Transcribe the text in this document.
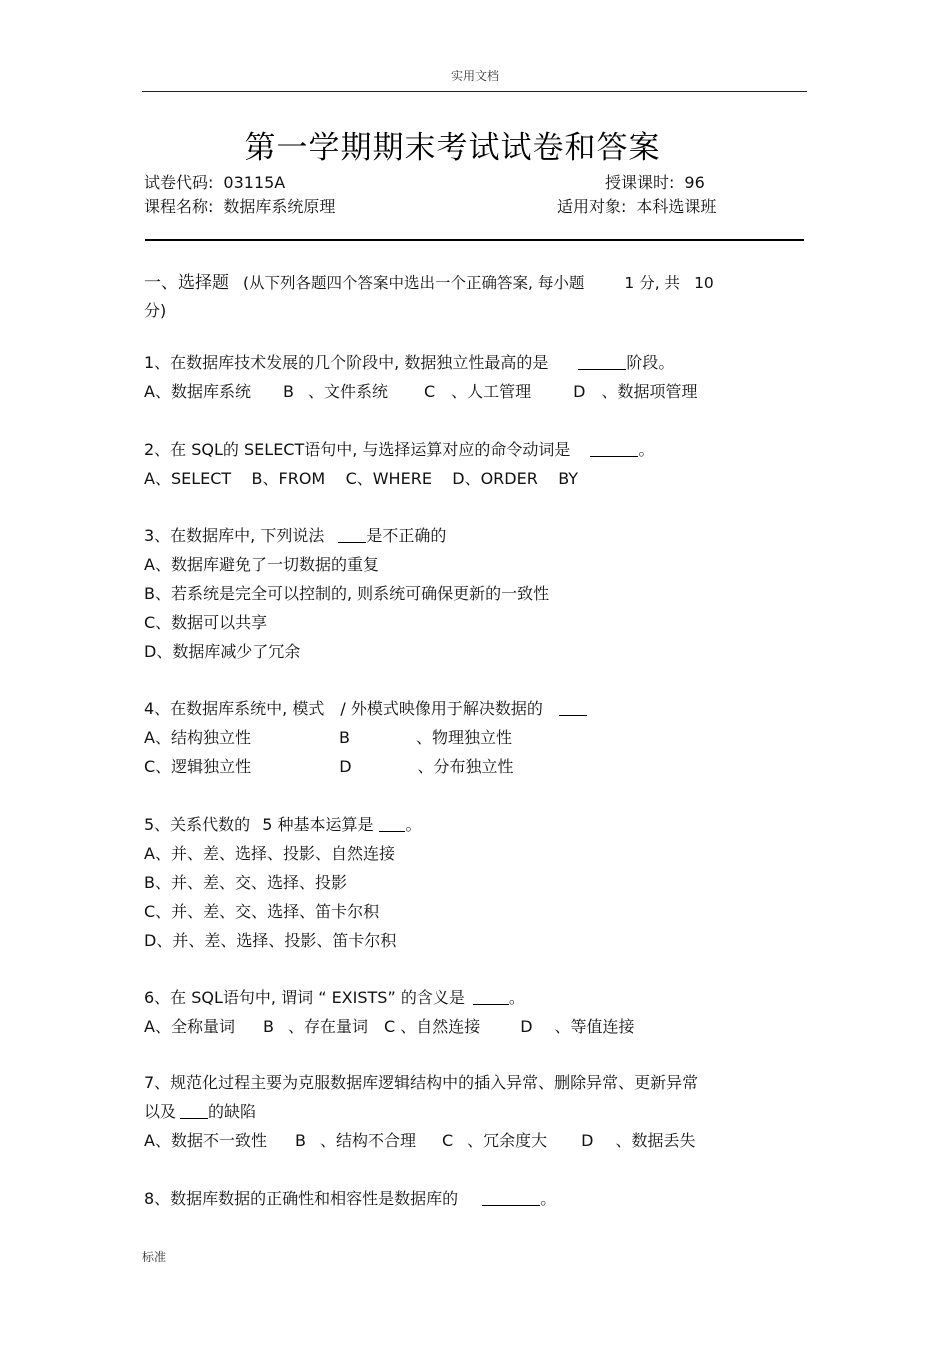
实用文档
第一学期期末考试试卷和答案
试卷代码: 03115A	授课课时: 96
课程名称: 数据库系统原理	适用对象: 本科选课班
一、选择题 (从下列各题四个答案中选出一个正确答案, 每小题	1 分, 共 10
分)
1、在数据库技术发展的几个阶段中, 数据独立性最高的是	阶段。
A、数据库系统 B 、文件系统 C 、人工管理	D 、数据项管理
2、在 SQL的 SELECT语句中, 与选择运算对应的命令动词是	。
A、SELECT    B、FROM    C、WHERE    D、ORDER    BY
3、在数据库中, 下列说法	是不正确的
A、数据库避免了一切数据的重复
B、若系统是完全可以控制的, 则系统可确保更新的一致性
C、数据可以共享
D、数据库减少了冗余
4、在数据库系统中, 模式 / 外模式映像用于解决数据的
A、结构独立性	B	、物理独立性
C、逻辑独立性	D	、分布独立性
5、关系代数的 5 种基本运算是 。
A、并、差、选择、投影、自然连接
B、并、差、交、选择、投影
C、并、差、交、选择、笛卡尔积
D、并、差、选择、投影、笛卡尔积
6、在 SQL语句中, 谓词 “ EXISTS” 的含义是	。
A、全称量词 B 、存在量词 C 、自然连接	D 、等值连接
7、规范化过程主要为克服数据库逻辑结构中的插入异常、删除异常、更新异常
以及 的缺陷
A、数据不一致性 B 、结构不合理 C 、冗余度大 D 、数据丢失
8、数据库数据的正确性和相容性是数据库的	。
标准
